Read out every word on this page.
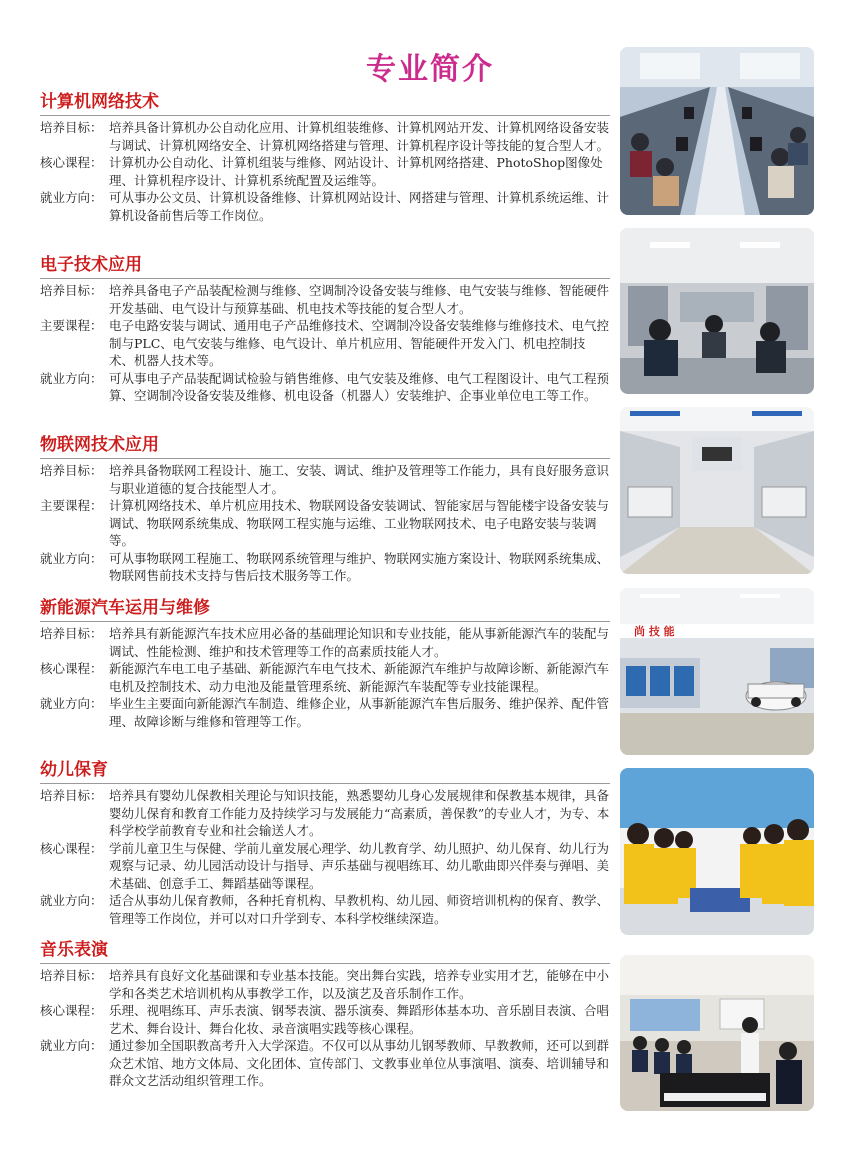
专业简介
计算机网络技术
培养目标： 培养具备计算机办公自动化应用、计算机组装维修、计算机网站开发、计算机网络设备安装与调试、计算机网络安全、计算机网络搭建与管理、计算机程序设计等技能的复合型人才。
核心课程： 计算机办公自动化、计算机组装与维修、网站设计、计算机网络搭建、PhotoShop图像处理、计算机程序设计、计算机系统配置及运维等。
就业方向： 可从事办公文员、计算机设备维修、计算机网站设计、网搭建与管理、计算机系统运维、计算机设备前售后等工作岗位。
电子技术应用
培养目标： 培养具备电子产品装配检测与维修、空调制冷设备安装与维修、电气安装与维修、智能硬件开发基础、电气设计与预算基础、机电技术等技能的复合型人才。
主要课程： 电子电路安装与调试、通用电子产品维修技术、空调制冷设备安装维修与维修技术、电气控制与PLC、电气安装与维修、电气设计、单片机应用、智能硬件开发入门、机电控制技术、机器人技术等。
就业方向： 可从事电子产品装配调试检验与销售维修、电气安装及维修、电气工程图设计、电气工程预算、空调制冷设备安装及维修、机电设备（机器人）安装维护、企事业单位电工等工作。
物联网技术应用
培养目标： 培养具备物联网工程设计、施工、安装、调试、维护及管理等工作能力，具有良好服务意识与职业道德的复合技能型人才。
主要课程： 计算机网络技术、单片机应用技术、物联网设备安装调试、智能家居与智能楼宇设备安装与调试、物联网系统集成、物联网工程实施与运维、工业物联网技术、电子电路安装与装调等。
就业方向： 可从事物联网工程施工、物联网系统管理与维护、物联网实施方案设计、物联网系统集成、物联网售前技术支持与售后技术服务等工作。
新能源汽车运用与维修
培养目标： 培养具有新能源汽车技术应用必备的基础理论知识和专业技能，能从事新能源汽车的装配与调试、性能检测、维护和技术管理等工作的高素质技能人才。
核心课程： 新能源汽车电工电子基础、新能源汽车电气技术、新能源汽车维护与故障诊断、新能源汽车电机及控制技术、动力电池及能量管理系统、新能源汽车装配等专业技能课程。
就业方向： 毕业生主要面向新能源汽车制造、维修企业，从事新能源汽车售后服务、维护保养、配件管理、故障诊断与维修和管理等工作。
幼儿保育
培养目标： 培养具有婴幼儿保教相关理论与知识技能，熟悉婴幼儿身心发展规律和保教基本规律，具备婴幼儿保育和教育工作能力及持续学习与发展能力“高素质，善保教”的专业人才，为专、本科学校学前教育专业和社会输送人才。
核心课程： 学前儿童卫生与保健、学前儿童发展心理学、幼儿教育学、幼儿照护、幼儿保育、幼儿行为观察与记录、幼儿园活动设计与指导、声乐基础与视唱练耳、幼儿歌曲即兴伴奏与弹唱、美术基础、创意手工、舞蹈基础等课程。
就业方向： 适合从事幼儿保育教师，各种托育机构、早教机构、幼儿园、师资培训机构的保育、教学、管理等工作岗位，并可以对口升学到专、本科学校继续深造。
音乐表演
培养目标： 培养具有良好文化基础课和专业基本技能。突出舞台实践，培养专业实用才艺，能够在中小学和各类艺术培训机构从事教学工作，以及演艺及音乐制作工作。
核心课程： 乐理、视唱练耳、声乐表演、钢琴表演、器乐演奏、舞蹈形体基本功、音乐剧目表演、合唱艺术、舞台设计、舞台化妆、录音演唱实践等核心课程。
就业方向： 通过参加全国职教高考升入大学深造。不仅可以从事幼儿钢琴教师、早教教师，还可以到群众艺术馆、地方文体局、文化团体、宣传部门、文教事业单位从事演唱、演奏、培训辅导和群众文艺活动组织管理工作。
尚 技 能
